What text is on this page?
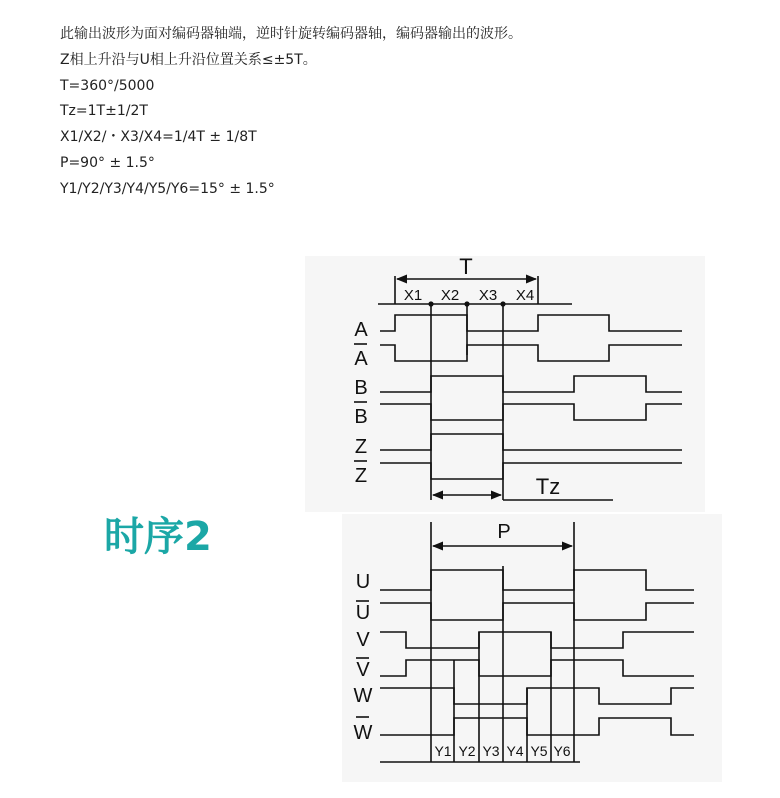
此输出波形为面对编码器轴端，逆时针旋转编码器轴，编码器输出的波形。
Z相上升沿与U相上升沿位置关系≤±5T。
T=360°/5000
Tz=1T±1/2T
X1/X2/・X3/X4=1/4T ± 1/8T
P=90° ± 1.5°
Y1/Y2/Y3/Y4/Y5/Y6=15° ± 1.5°
时序2
T
X1 X2 X3 X4
A
A
B
B
Z
Z	Tz
P
U
U
V
V
W
W
Y1 Y2 Y3 Y4 Y5 Y6
